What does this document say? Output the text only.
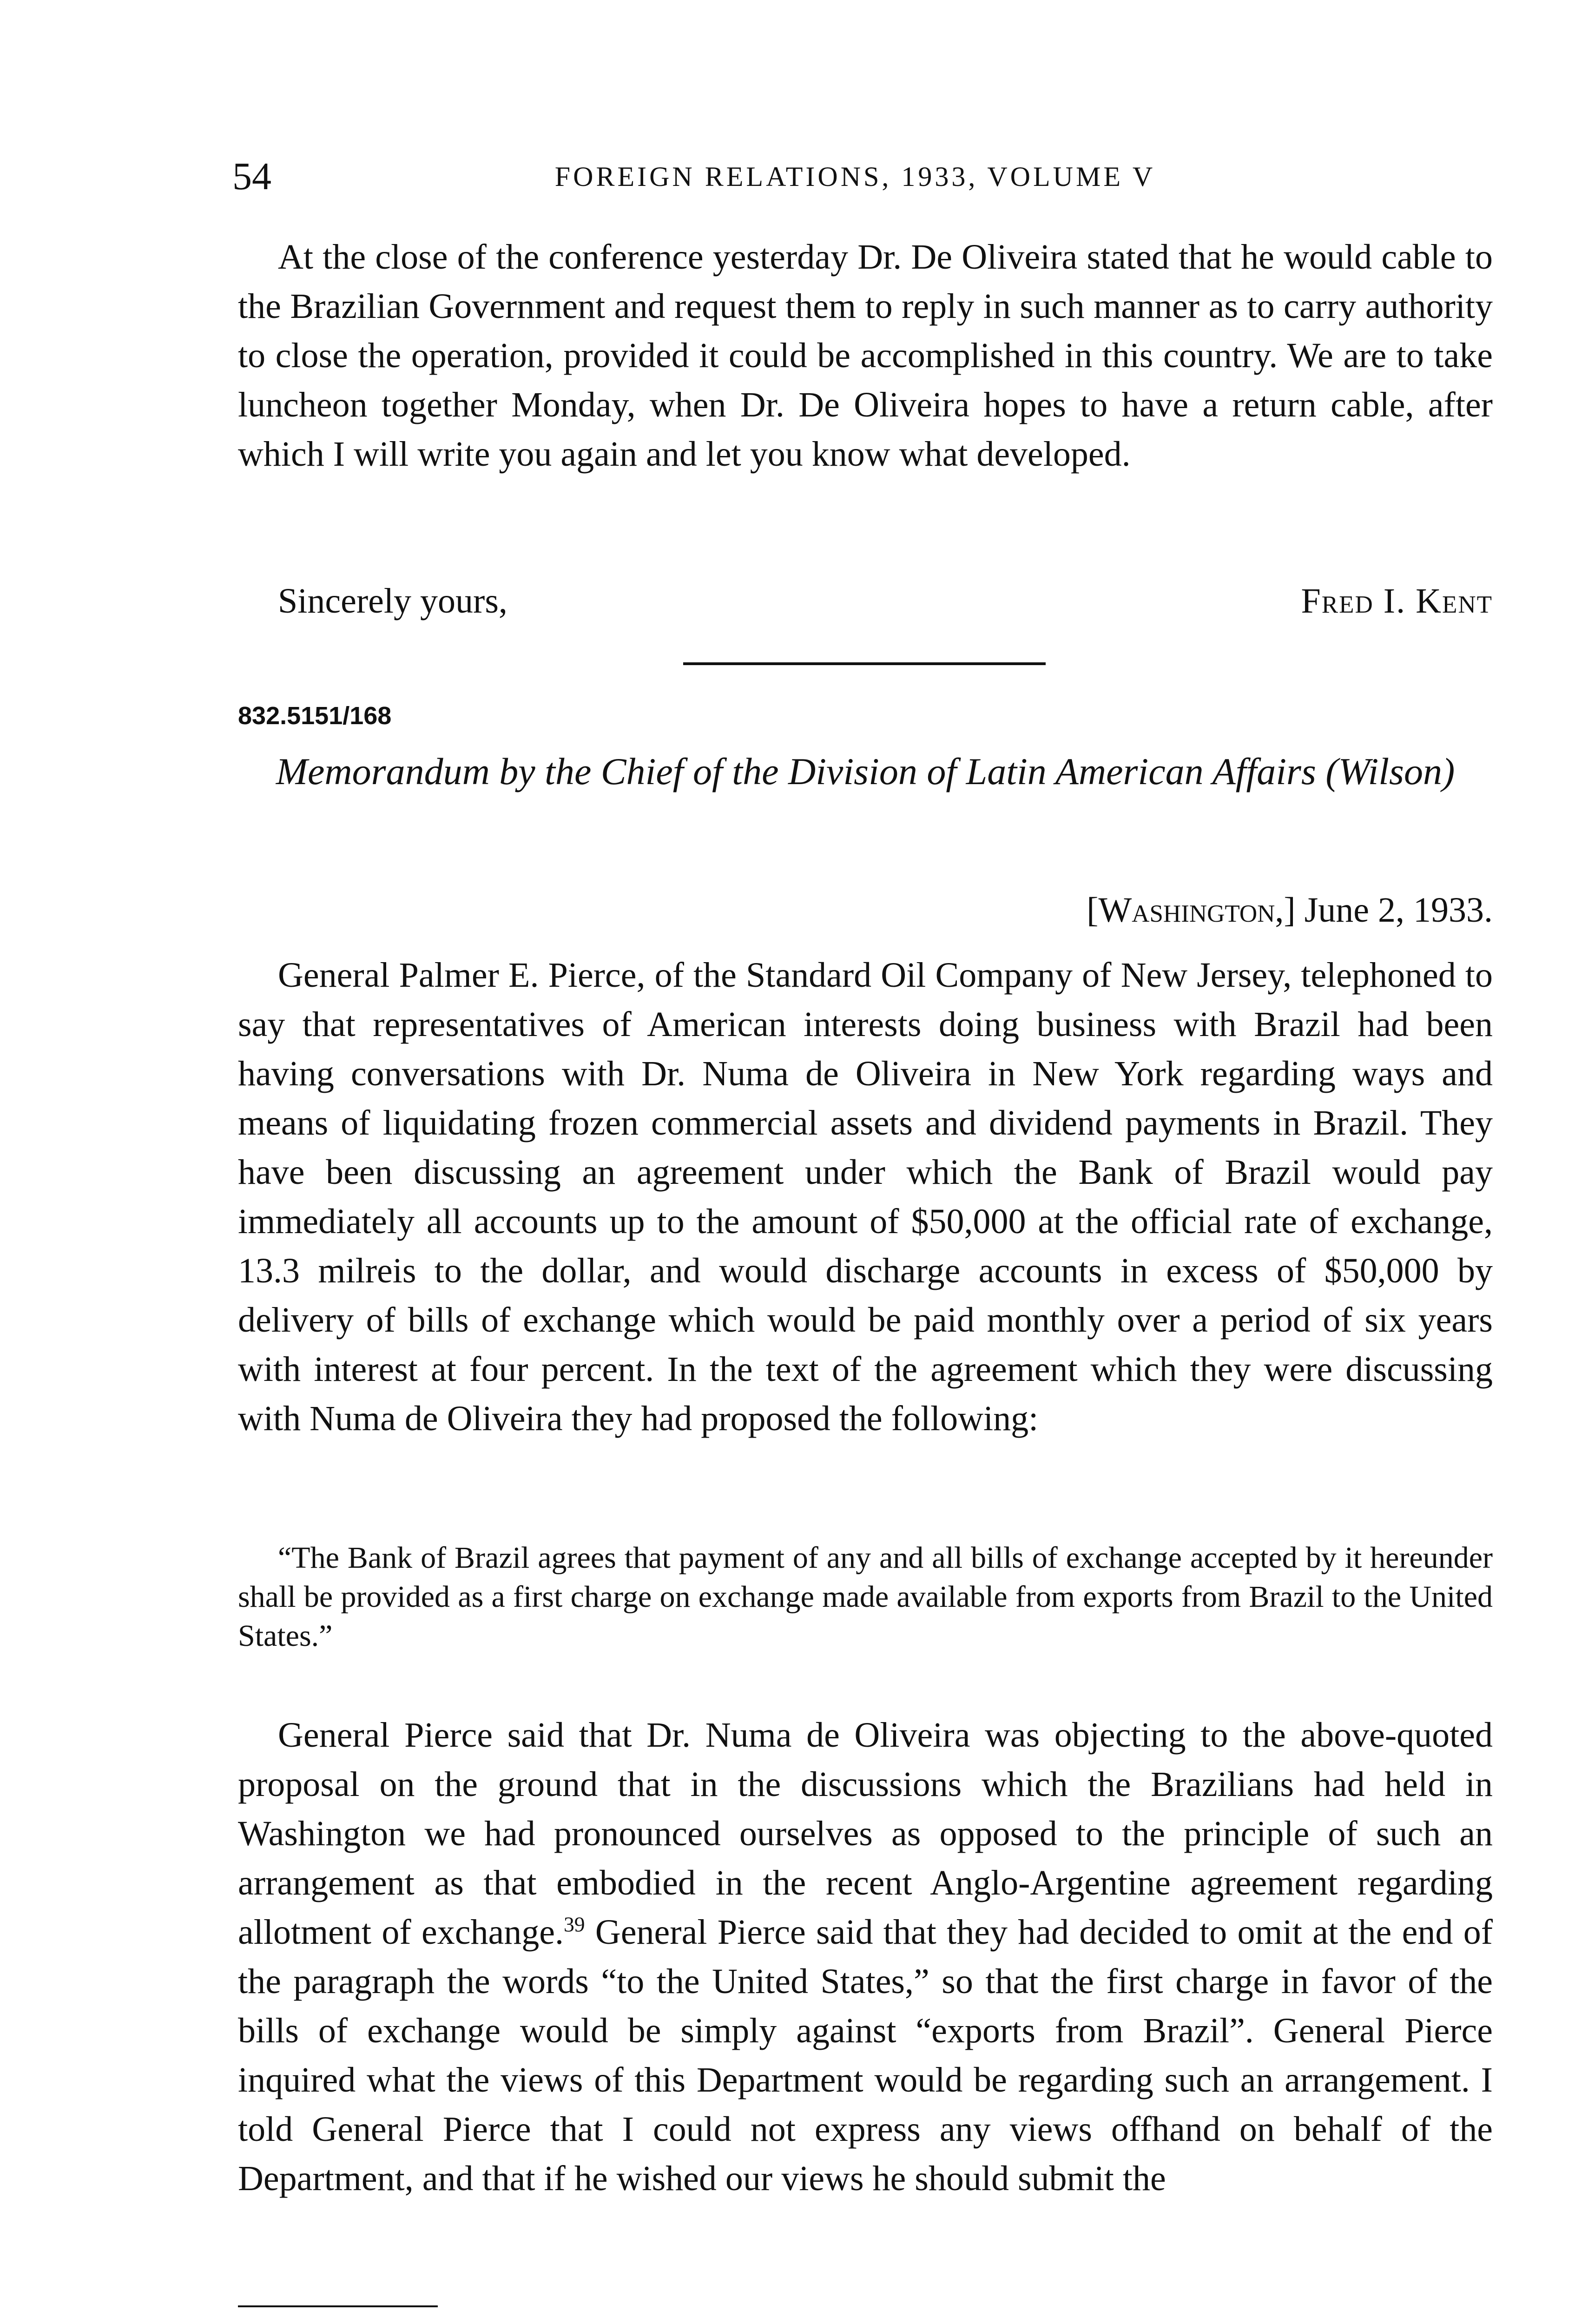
54	FOREIGN RELATIONS, 1933, VOLUME V

At the close of the conference yesterday Dr. De Oliveira stated that he would cable to the Brazilian Government and request them to reply in such manner as to carry authority to close the operation, provided it could be accomplished in this country. We are to take luncheon together Monday, when Dr. De Oliveira hopes to have a return cable, after which I will write you again and let you know what developed.

Sincerely yours,	Fred I. Kent
832.5151/168
Memorandum by the Chief of the Division of Latin American Affairs (Wilson)
[Washington,] June 2, 1933.

General Palmer E. Pierce, of the Standard Oil Company of New Jersey, telephoned to say that representatives of American interests doing business with Brazil had been having conversations with Dr. Numa de Oliveira in New York regarding ways and means of liquidating frozen commercial assets and dividend payments in Brazil. They have been discussing an agreement under which the Bank of Brazil would pay immediately all accounts up to the amount of $50,000 at the official rate of exchange, 13.3 milreis to the dollar, and would discharge accounts in excess of $50,000 by delivery of bills of exchange which would be paid monthly over a period of six years with interest at four percent. In the text of the agreement which they were discussing with Numa de Oliveira they had proposed the following:

“The Bank of Brazil agrees that payment of any and all bills of exchange accepted by it hereunder shall be provided as a first charge on exchange made available from exports from Brazil to the United States.”

General Pierce said that Dr. Numa de Oliveira was objecting to the above-quoted proposal on the ground that in the discussions which the Brazilians had held in Washington we had pronounced ourselves as opposed to the principle of such an arrangement as that embodied in the recent Anglo-Argentine agreement regarding allotment of exchange.$^{39}$ General Pierce said that they had decided to omit at the end of the paragraph the words “to the United States,” so that the first charge in favor of the bills of exchange would be simply against “exports from Brazil”. General Pierce inquired what the views of this Department would be regarding such an arrangement. I told General Pierce that I could not express any views offhand on behalf of the Department, and that if he wished our views he should submit the
